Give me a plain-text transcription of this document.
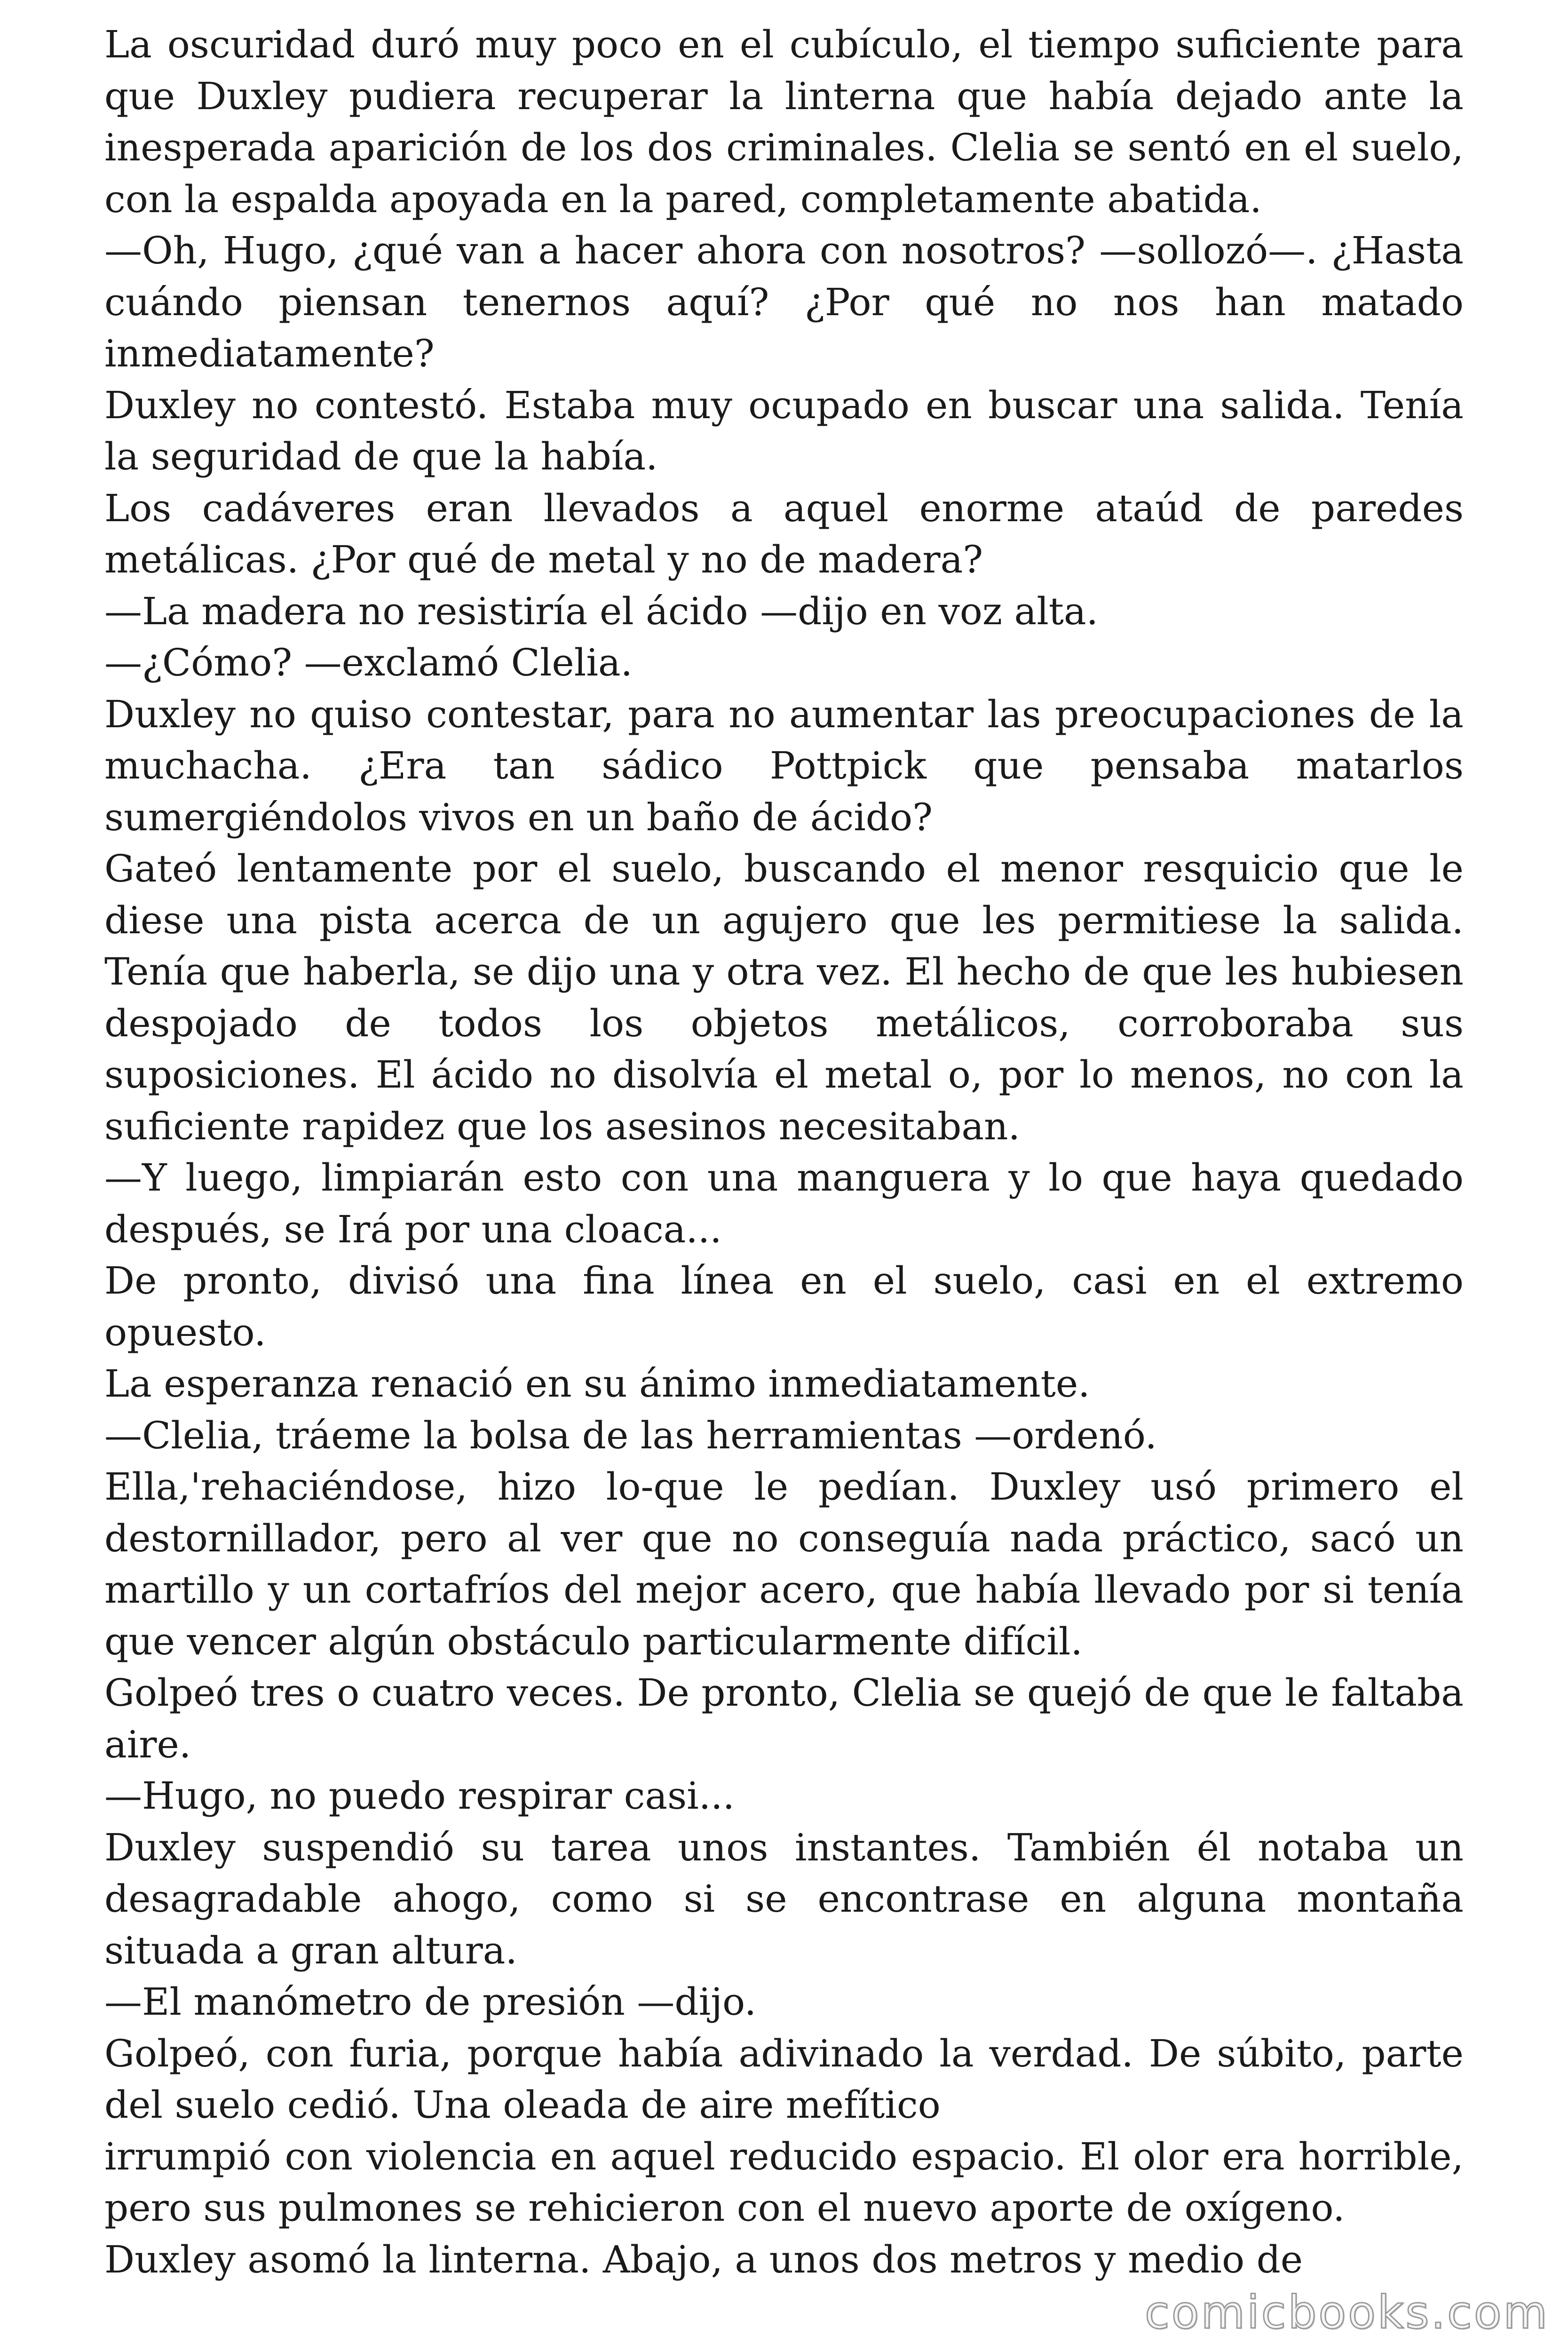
La oscuridad duró muy poco en el cubículo, el tiempo suficiente para que Duxley pudiera recuperar la linterna que había dejado ante la inesperada aparición de los dos criminales. Clelia se sentó en el suelo, con la espalda apoyada en la pared, completamente abatida.

—Oh, Hugo, ¿qué van a hacer ahora con nosotros? —sollozó—. ¿Hasta cuándo piensan tenernos aquí? ¿Por qué no nos han matado inmediatamente?

Duxley no contestó. Estaba muy ocupado en buscar una salida. Tenía la seguridad de que la había.

Los cadáveres eran llevados a aquel enorme ataúd de paredes metálicas. ¿Por qué de metal y no de madera?

—La madera no resistiría el ácido —dijo en voz alta.

—¿Cómo? —exclamó Clelia.

Duxley no quiso contestar, para no aumentar las preocupaciones de la muchacha. ¿Era tan sádico Pottpick que pensaba matarlos sumergiéndolos vivos en un baño de ácido?

Gateó lentamente por el suelo, buscando el menor resquicio que le diese una pista acerca de un agujero que les permitiese la salida. Tenía que haberla, se dijo una y otra vez. El hecho de que les hubiesen despojado de todos los objetos metálicos, corroboraba sus suposiciones. El ácido no disolvía el metal o, por lo menos, no con la suficiente rapidez que los asesinos necesitaban.

—Y luego, limpiarán esto con una manguera y lo que haya quedado después, se Irá por una cloaca...

De pronto, divisó una fina línea en el suelo, casi en el extremo opuesto.

La esperanza renació en su ánimo inmediatamente.

—Clelia, tráeme la bolsa de las herramientas —ordenó.

Ella,'rehaciéndose, hizo lo-que le pedían. Duxley usó primero el destornillador, pero al ver que no conseguía nada práctico, sacó un martillo y un cortafríos del mejor acero, que había llevado por si tenía que vencer algún obstáculo particularmente difícil.

Golpeó tres o cuatro veces. De pronto, Clelia se quejó de que le faltaba aire.

—Hugo, no puedo respirar casi...

Duxley suspendió su tarea unos instantes. También él notaba un desagradable ahogo, como si se encontrase en alguna montaña situada a gran altura.

—El manómetro de presión —dijo.

Golpeó, con furia, porque había adivinado la verdad. De súbito, parte del suelo cedió. Una oleada de aire mefítico

irrumpió con violencia en aquel reducido espacio. El olor era horrible, pero sus pulmones se rehicieron con el nuevo aporte de oxígeno.

Duxley asomó la linterna. Abajo, a unos dos metros y medio de

comicbooks.com
